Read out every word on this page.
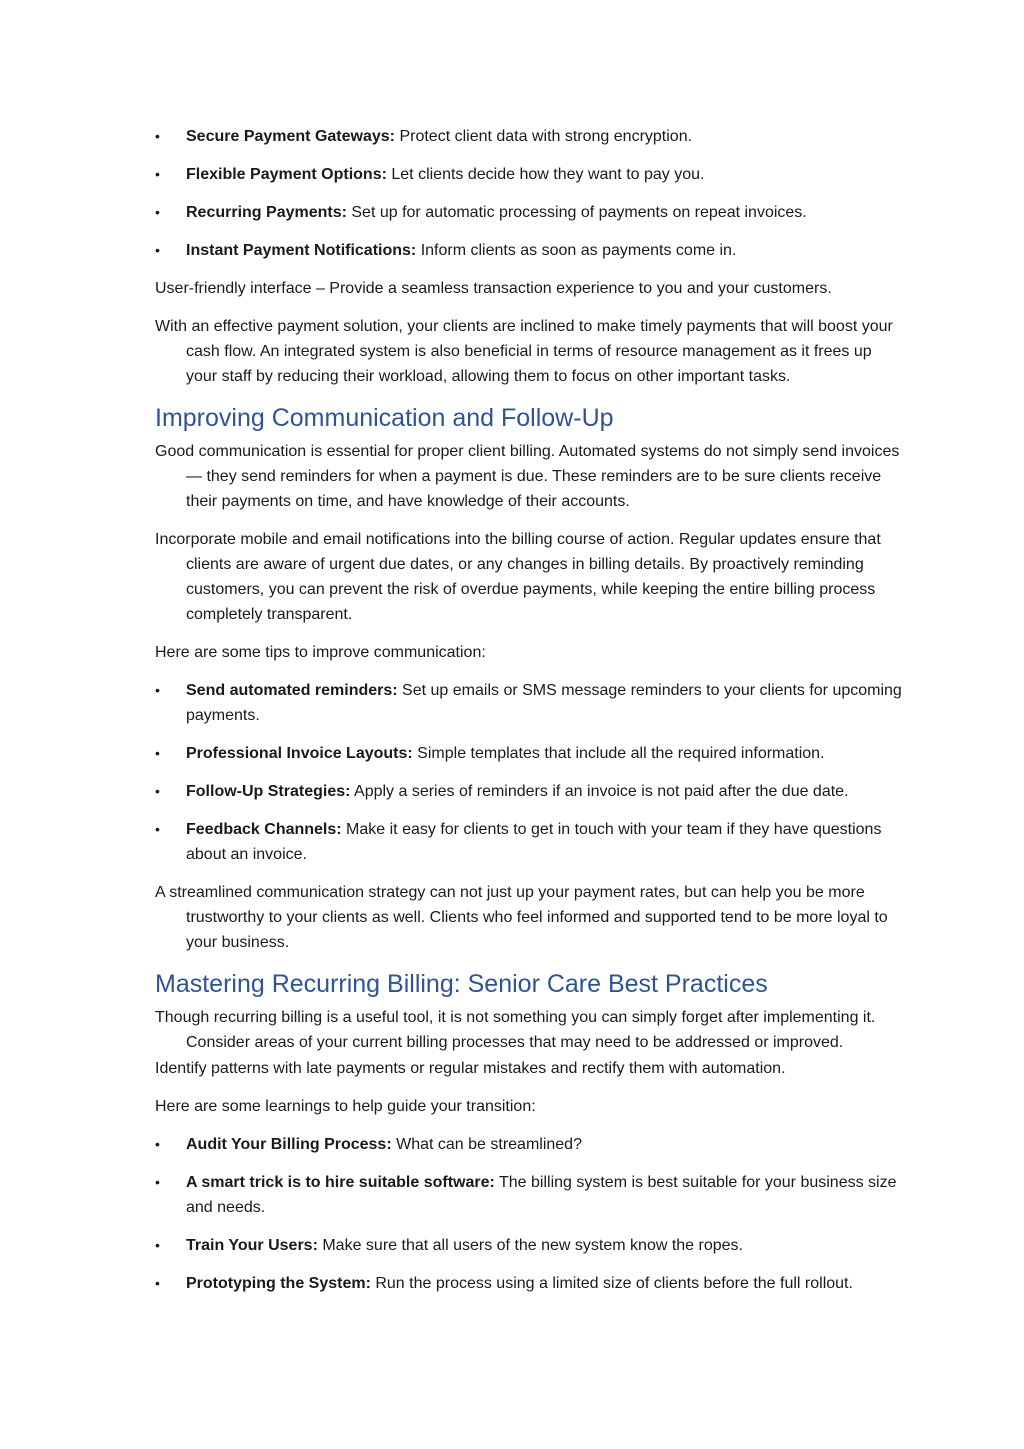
• Secure Payment Gateways: Protect client data with strong encryption.
• Flexible Payment Options: Let clients decide how they want to pay you.
• Recurring Payments: Set up for automatic processing of payments on repeat invoices.
• Instant Payment Notifications: Inform clients as soon as payments come in.

User-friendly interface – Provide a seamless transaction experience to you and your customers.

With an effective payment solution, your clients are inclined to make timely payments that will boost your cash flow. An integrated system is also beneficial in terms of resource management as it frees up your staff by reducing their workload, allowing them to focus on other important tasks.

Improving Communication and Follow-Up

Good communication is essential for proper client billing. Automated systems do not simply send invoices — they send reminders for when a payment is due. These reminders are to be sure clients receive their payments on time, and have knowledge of their accounts.

Incorporate mobile and email notifications into the billing course of action. Regular updates ensure that clients are aware of urgent due dates, or any changes in billing details. By proactively reminding customers, you can prevent the risk of overdue payments, while keeping the entire billing process completely transparent.

Here are some tips to improve communication:

• Send automated reminders: Set up emails or SMS message reminders to your clients for upcoming payments.
• Professional Invoice Layouts: Simple templates that include all the required information.
• Follow-Up Strategies: Apply a series of reminders if an invoice is not paid after the due date.
• Feedback Channels: Make it easy for clients to get in touch with your team if they have questions about an invoice.

A streamlined communication strategy can not just up your payment rates, but can help you be more trustworthy to your clients as well. Clients who feel informed and supported tend to be more loyal to your business.

Mastering Recurring Billing: Senior Care Best Practices

Though recurring billing is a useful tool, it is not something you can simply forget after implementing it. Consider areas of your current billing processes that may need to be addressed or improved.

Identify patterns with late payments or regular mistakes and rectify them with automation.

Here are some learnings to help guide your transition:

• Audit Your Billing Process: What can be streamlined?
• A smart trick is to hire suitable software: The billing system is best suitable for your business size and needs.
• Train Your Users: Make sure that all users of the new system know the ropes.
• Prototyping the System: Run the process using a limited size of clients before the full rollout.
